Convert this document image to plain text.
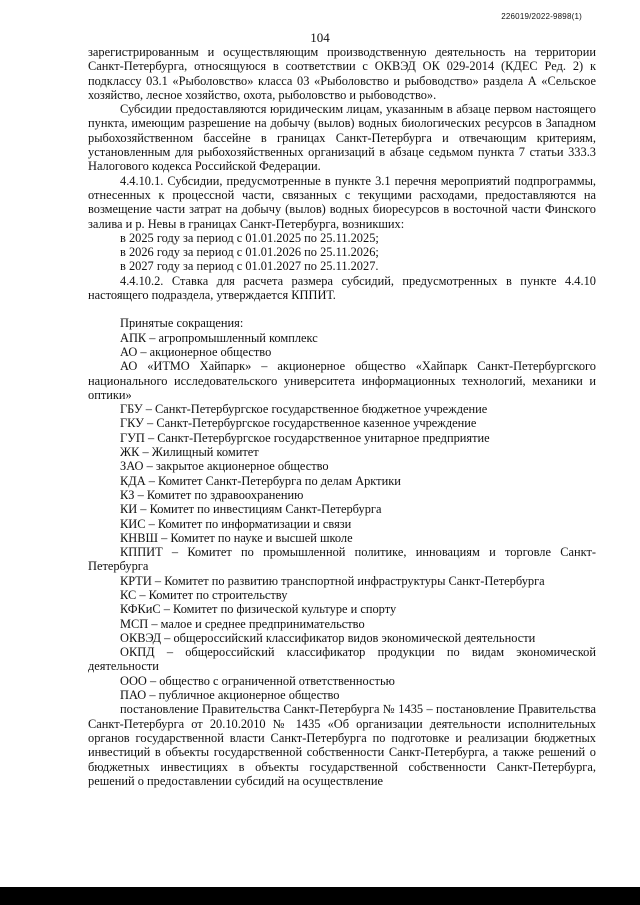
226019/2022-9898(1)
104

зарегистрированным и осуществляющим производственную деятельность на территории Санкт-Петербурга, относящуюся в соответствии с ОКВЭД ОК 029-2014 (КДЕС Ред. 2) к подклассу 03.1 «Рыболовство» класса 03 «Рыболовство и рыбоводство» раздела А «Сельское хозяйство, лесное хозяйство, охота, рыболовство и рыбоводство».

Субсидии предоставляются юридическим лицам, указанным в абзаце первом настоящего пункта, имеющим разрешение на добычу (вылов) водных биологических ресурсов в Западном рыбохозяйственном бассейне в границах Санкт-Петербурга и отвечающим критериям, установленным для рыбохозяйственных организаций в абзаце седьмом пункта 7 статьи 333.3 Налогового кодекса Российской Федерации.

4.4.10.1. Субсидии, предусмотренные в пункте 3.1 перечня мероприятий подпрограммы, отнесенных к процессной части, связанных с текущими расходами, предоставляются на возмещение части затрат на добычу (вылов) водных биоресурсов в восточной части Финского залива и р. Невы в границах Санкт-Петербурга, возникших:

в 2025 году за период с 01.01.2025 по 25.11.2025;

в 2026 году за период с 01.01.2026 по 25.11.2026;

в 2027 году за период с 01.01.2027 по 25.11.2027.

4.4.10.2. Ставка для расчета размера субсидий, предусмотренных в пункте 4.4.10 настоящего подраздела, утверждается КППИТ.

Принятые сокращения:

АПК – агропромышленный комплекс

АО – акционерное общество

АО «ИТМО Хайпарк» – акционерное общество «Хайпарк Санкт-Петербургского национального исследовательского университета информационных технологий, механики и оптики»

ГБУ – Санкт-Петербургское государственное бюджетное учреждение

ГКУ – Санкт-Петербургское государственное казенное учреждение

ГУП – Санкт-Петербургское государственное унитарное предприятие

ЖК – Жилищный комитет

ЗАО – закрытое акционерное общество

КДА – Комитет Санкт-Петербурга по делам Арктики

КЗ – Комитет по здравоохранению

КИ – Комитет по инвестициям Санкт-Петербурга

КИС – Комитет по информатизации и связи

КНВШ – Комитет по науке и высшей школе

КППИТ – Комитет по промышленной политике, инновациям и торговле Санкт-Петербурга

КРТИ – Комитет по развитию транспортной инфраструктуры Санкт-Петербурга

КС – Комитет по строительству

КФКиС – Комитет по физической культуре и спорту

МСП – малое и среднее предпринимательство

ОКВЭД – общероссийский классификатор видов экономической деятельности

ОКПД – общероссийский классификатор продукции по видам экономической деятельности

ООО – общество с ограниченной ответственностью

ПАО – публичное акционерное общество

постановление Правительства Санкт-Петербурга № 1435 – постановление Правительства Санкт-Петербурга от 20.10.2010 № 1435 «Об организации деятельности исполнительных органов государственной власти Санкт-Петербурга по подготовке и реализации бюджетных инвестиций в объекты государственной собственности Санкт-Петербурга, а также решений о бюджетных инвестициях в объекты государственной собственности Санкт-Петербурга, решений о предоставлении субсидий на осуществление
